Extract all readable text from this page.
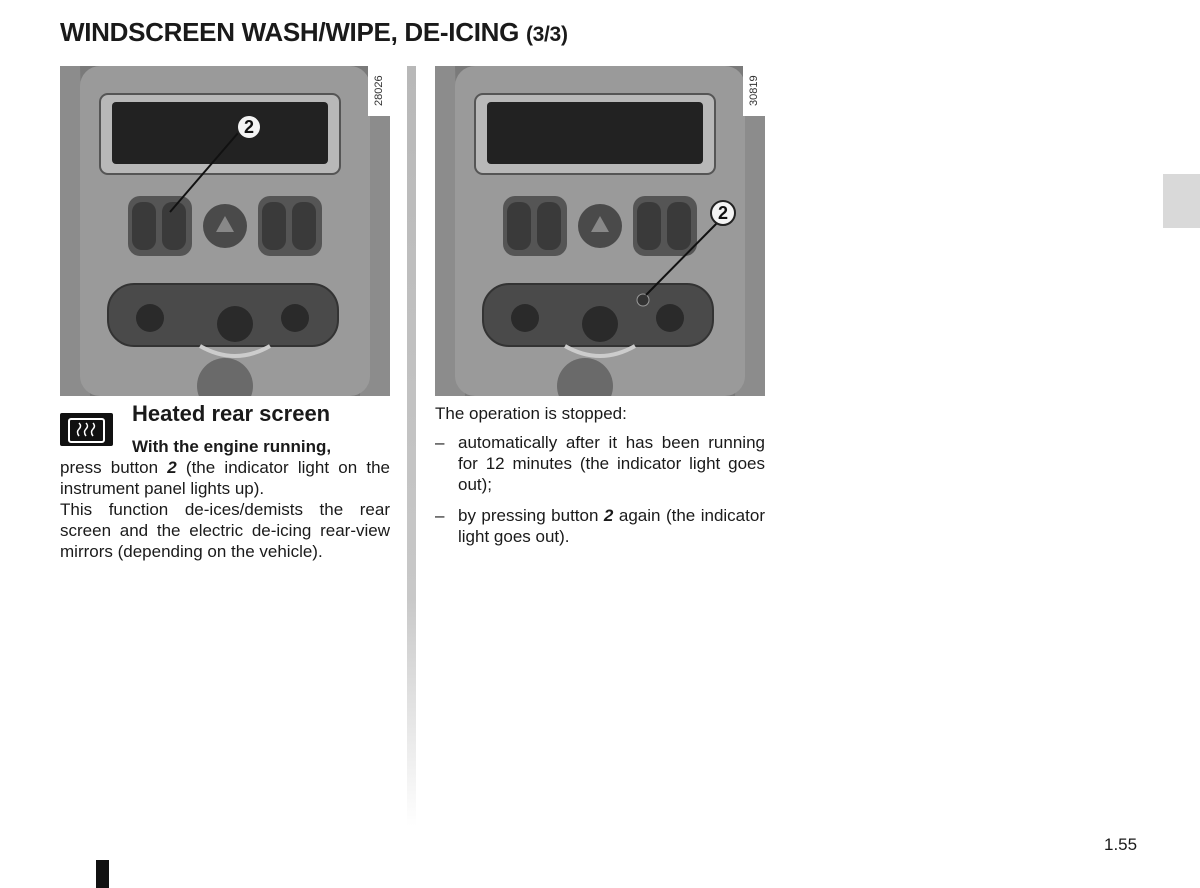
WINDSCREEN WASH/WIPE, DE-ICING (3/3)
28026
2
30819
2
Heated rear screen
With the engine running,
press button 2 (the indicator light on the instrument panel lights up).
This function de-ices/demists the rear screen and the electric de-icing rear-view mirrors (depending on the vehicle).
The operation is stopped:
– automatically after it has been running for 12 minutes (the indicator light goes out);
– by pressing button 2 again (the indicator light goes out).
1.55
